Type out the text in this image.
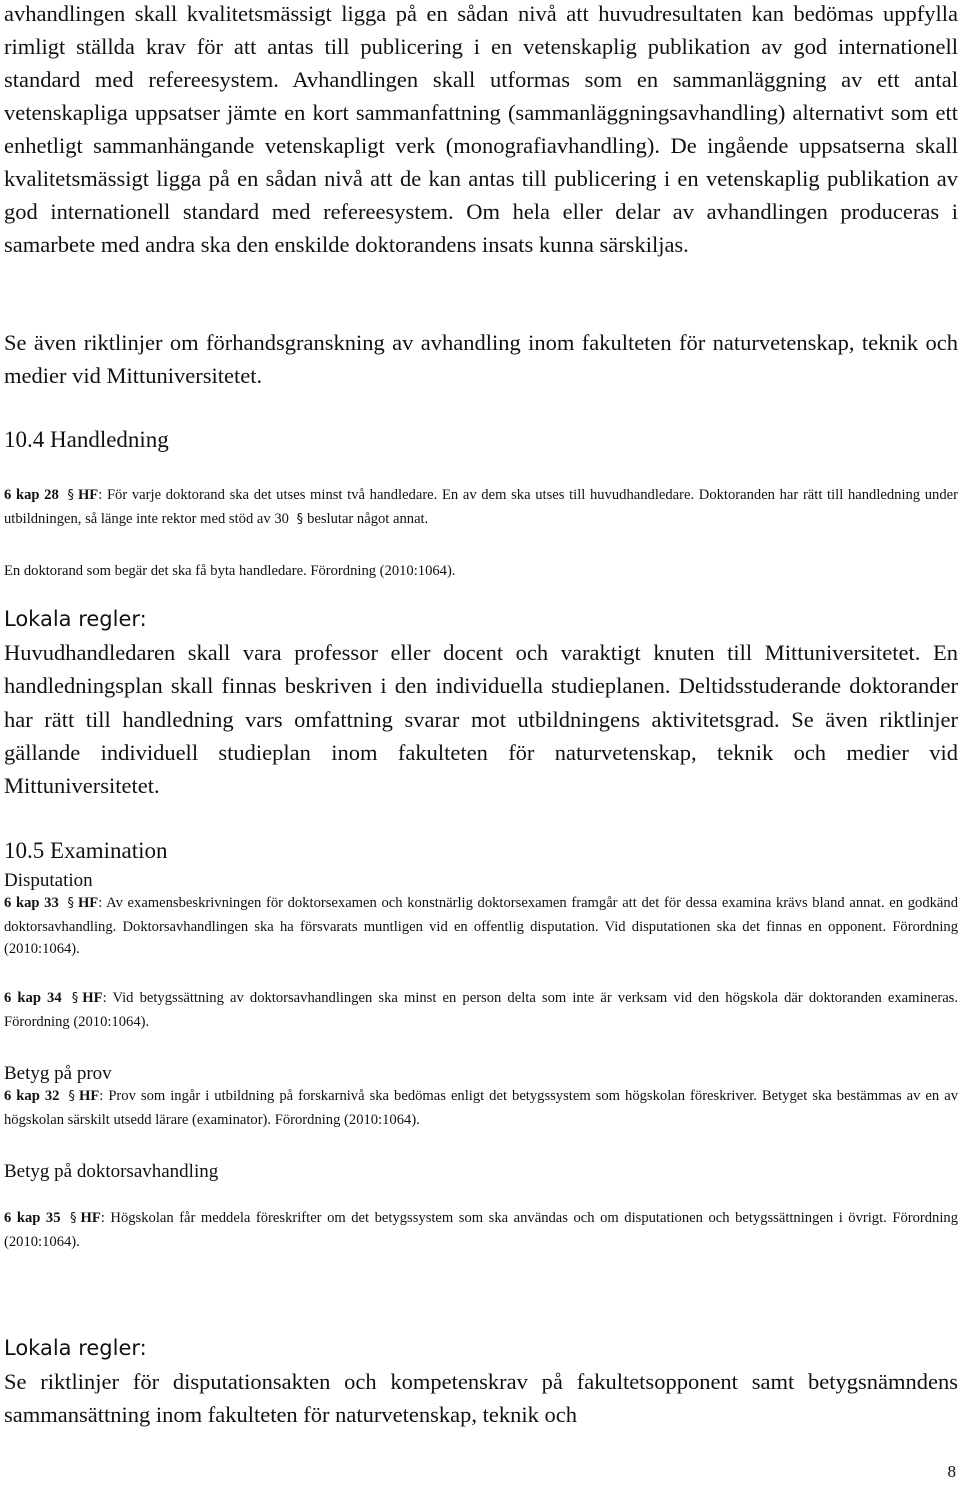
avhandlingen skall kvalitetsmässigt ligga på en sådan nivå att huvudresultaten kan bedömas uppfylla rimligt ställda krav för att antas till publicering i en vetenskaplig publikation av god internationell standard med refereesystem. Avhandlingen skall utformas som en sammanläggning av ett antal vetenskapliga uppsatser jämte en kort sammanfattning (sammanläggningsavhandling) alternativt som ett enhetligt sammanhängande vetenskapligt verk (monografiavhandling). De ingående uppsatserna skall kvalitetsmässigt ligga på en sådan nivå att de kan antas till publicering i en vetenskaplig publikation av god internationell standard med refereesystem. Om hela eller delar av avhandlingen produceras i samarbete med andra ska den enskilde doktorandens insats kunna särskiljas.

Se även riktlinjer om förhandsgranskning av avhandling inom fakulteten för naturvetenskap, teknik och medier vid Mittuniversitetet.

10.4 Handledning

6 kap 28 § HF: För varje doktorand ska det utses minst två handledare. En av dem ska utses till huvudhandledare. Doktoranden har rätt till handledning under utbildningen, så länge inte rektor med stöd av 30 § beslutar något annat.

En doktorand som begär det ska få byta handledare. Förordning (2010:1064).

Lokala regler:

Huvudhandledaren skall vara professor eller docent och varaktigt knuten till Mittuniversitetet. En handledningsplan skall finnas beskriven i den individuella studieplanen. Deltidsstuderande doktorander har rätt till handledning vars omfattning svarar mot utbildningens aktivitetsgrad. Se även riktlinjer gällande individuell studieplan inom fakulteten för naturvetenskap, teknik och medier vid Mittuniversitetet.

10.5 Examination
Disputation

6 kap 33 § HF: Av examensbeskrivningen för doktorsexamen och konstnärlig doktorsexamen framgår att det för dessa examina krävs bland annat. en godkänd doktorsavhandling. Doktorsavhandlingen ska ha försvarats muntligen vid en offentlig disputation. Vid disputationen ska det finnas en opponent. Förordning (2010:1064).

6 kap 34 § HF: Vid betygssättning av doktorsavhandlingen ska minst en person delta som inte är verksam vid den högskola där doktoranden examineras. Förordning (2010:1064).

Betyg på prov

6 kap 32 § HF: Prov som ingår i utbildning på forskarnivå ska bedömas enligt det betygssystem som högskolan föreskriver. Betyget ska bestämmas av en av högskolan särskilt utsedd lärare (examinator). Förordning (2010:1064).

Betyg på doktorsavhandling

6 kap 35 § HF: Högskolan får meddela föreskrifter om det betygssystem som ska användas och om disputationen och betygssättningen i övrigt. Förordning (2010:1064).

Lokala regler:

Se riktlinjer för disputationsakten och kompetenskrav på fakultetsopponent samt betygsnämndens sammansättning inom fakulteten för naturvetenskap, teknik och

8
